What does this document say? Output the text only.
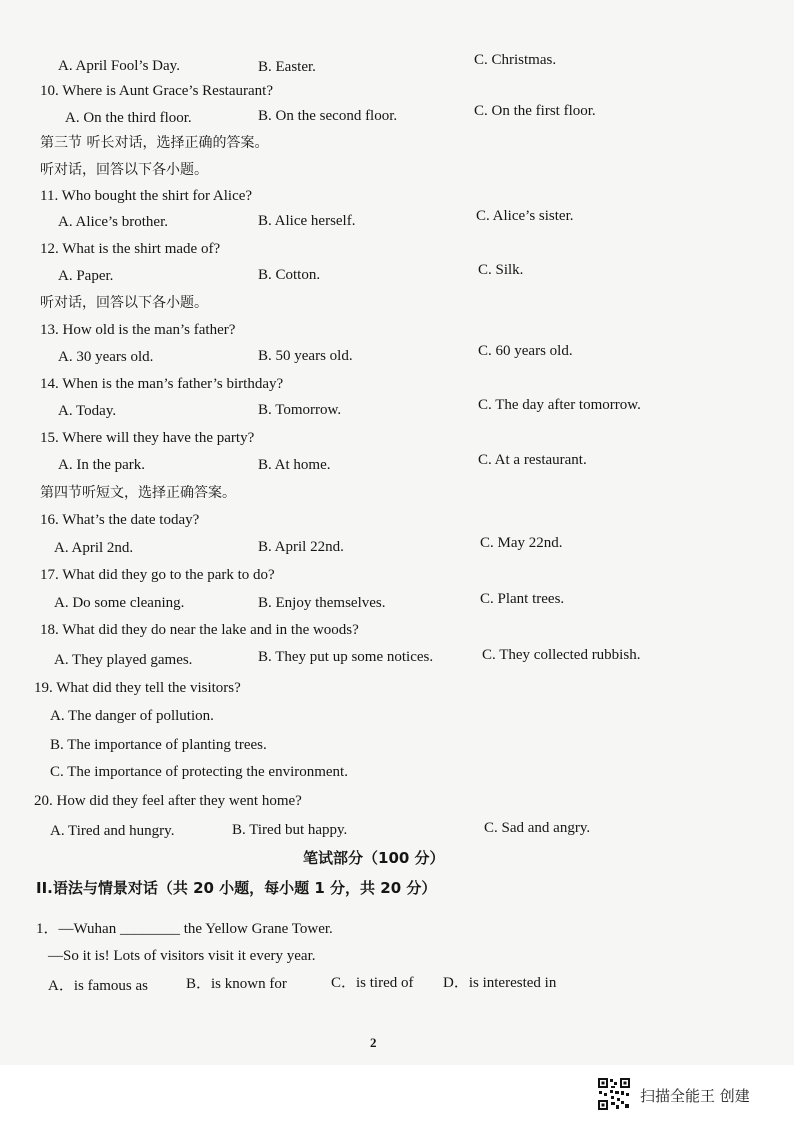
A. April Fool’s Day.	B. Easter.	C. Christmas.
10. Where is Aunt Grace’s Restaurant?
A. On the third floor.	B. On the second floor.	C. On the first floor.
第三节 听长对话，选择正确的答案。
听对话，回答以下各小题。
11. Who bought the shirt for Alice?
A. Alice’s brother.	B. Alice herself.	C. Alice’s sister.
12. What is the shirt made of?
A. Paper.	B. Cotton.	C. Silk.
听对话，回答以下各小题。
13. How old is the man’s father?
A. 30 years old.	B. 50 years old.	C. 60 years old.
14. When is the man’s father’s birthday?
A. Today.	B. Tomorrow.	C. The day after tomorrow.
15. Where will they have the party?
A. In the park.	B. At home.	C. At a restaurant.
第四节听短文，选择正确答案。
16. What’s the date today?
A. April 2nd.	B. April 22nd.	C. May 22nd.
17. What did they go to the park to do?
A. Do some cleaning.	B. Enjoy themselves.	C. Plant trees.
18. What did they do near the lake and in the woods?
A. They played games.	B. They put up some notices.	C. They collected rubbish.
19. What did they tell the visitors?
A. The danger of pollution.
B. The importance of planting trees.
C. The importance of protecting the environment.
20. How did they feel after they went home?
A. Tired and hungry.	B. Tired but happy.	C. Sad and angry.
笔试部分（100 分）
II.语法与情景对话（共 20 小题，每小题 1 分，共 20 分）
1．—Wuhan ________ the Yellow Grane Tower.
—So it is! Lots of visitors visit it every year.
A．is famous as	B．is known for	C．is tired of D．is interested in
2
扫描全能王 创建
